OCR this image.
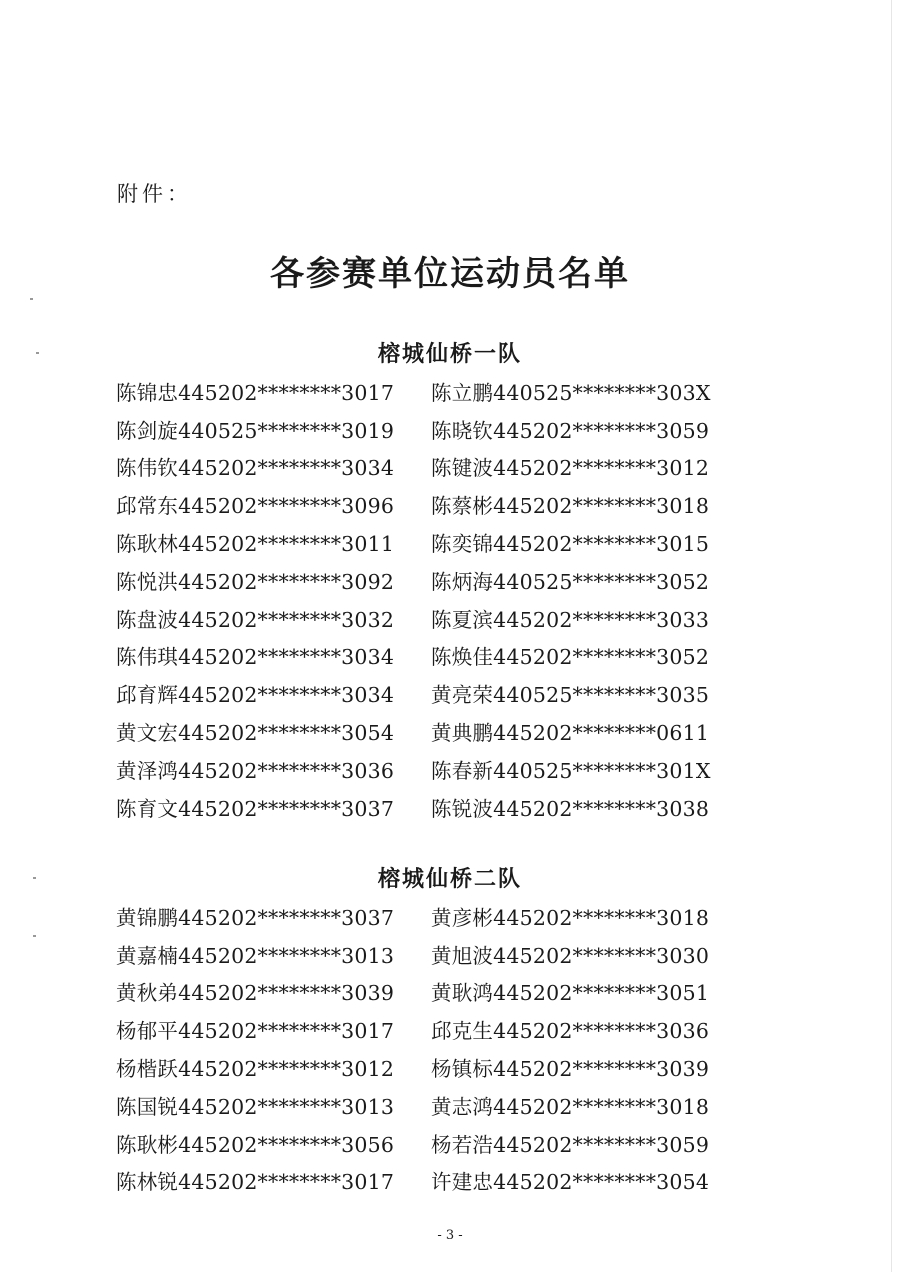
附件：
各参赛单位运动员名单
榕城仙桥一队
陈锦忠445202********3017	陈立鹏440525********303X
陈剑旋440525********3019	陈晓钦445202********3059
陈伟钦445202********3034	陈键波445202********3012
邱常东445202********3096	陈蔡彬445202********3018
陈耿林445202********3011	陈奕锦445202********3015
陈悦洪445202********3092	陈炳海440525********3052
陈盘波445202********3032	陈夏滨445202********3033
陈伟琪445202********3034	陈焕佳445202********3052
邱育辉445202********3034	黄亮荣440525********3035
黄文宏445202********3054	黄典鹏445202********0611
黄泽鸿445202********3036	陈春新440525********301X
陈育文445202********3037	陈锐波445202********3038
榕城仙桥二队
黄锦鹏445202********3037	黄彦彬445202********3018
黄嘉楠445202********3013	黄旭波445202********3030
黄秋弟445202********3039	黄耿鸿445202********3051
杨郁平445202********3017	邱克生445202********3036
杨楷跃445202********3012	杨镇标445202********3039
陈国锐445202********3013	黄志鸿445202********3018
陈耿彬445202********3056	杨若浩445202********3059
陈林锐445202********3017	许建忠445202********3054
- 3 -
